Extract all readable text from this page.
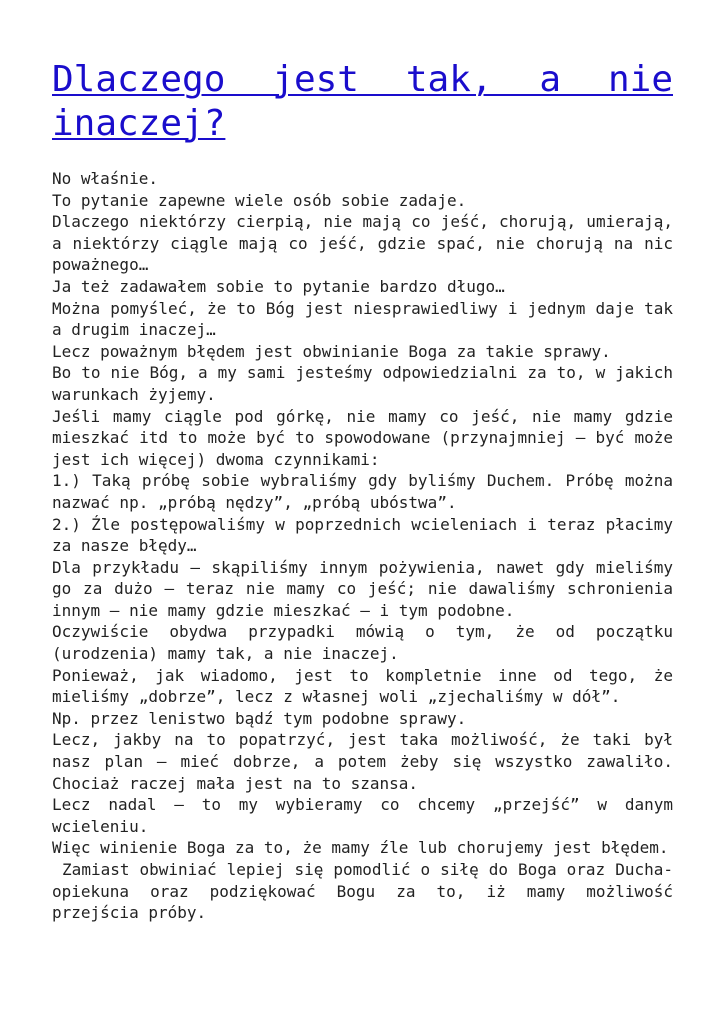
Dlaczego jest tak, a nie inaczej?

No właśnie.

To pytanie zapewne wiele osób sobie zadaje.

Dlaczego niektórzy cierpią, nie mają co jeść, chorują, umierają, a niektórzy ciągle mają co jeść, gdzie spać, nie chorują na nic poważnego…

Ja też zadawałem sobie to pytanie bardzo długo…

Można pomyśleć, że to Bóg jest niesprawiedliwy i jednym daje tak a drugim inaczej…

Lecz poważnym błędem jest obwinianie Boga za takie sprawy.

Bo to nie Bóg, a my sami jesteśmy odpowiedzialni za to, w jakich warunkach żyjemy.

Jeśli mamy ciągle pod górkę, nie mamy co jeść, nie mamy gdzie mieszkać itd to może być to spowodowane (przynajmniej – być może jest ich więcej) dwoma czynnikami:

1.) Taką próbę sobie wybraliśmy gdy byliśmy Duchem. Próbę można nazwać np. „próbą nędzy”, „próbą ubóstwa”.

2.) Źle postępowaliśmy w poprzednich wcieleniach i teraz płacimy za nasze błędy…

Dla przykładu – skąpiliśmy innym pożywienia, nawet gdy mieliśmy go za dużo – teraz nie mamy co jeść; nie dawaliśmy schronienia innym – nie mamy gdzie mieszkać – i tym podobne.

Oczywiście obydwa przypadki mówią o tym, że od początku (urodzenia) mamy tak, a nie inaczej.

Ponieważ, jak wiadomo, jest to kompletnie inne od tego, że mieliśmy „dobrze”, lecz z własnej woli „zjechaliśmy w dół”.

Np. przez lenistwo bądź tym podobne sprawy.

Lecz, jakby na to popatrzyć, jest taka możliwość, że taki był nasz plan – mieć dobrze, a potem żeby się wszystko zawaliło. Chociaż raczej mała jest na to szansa.

Lecz nadal – to my wybieramy co chcemy „przejść” w danym wcieleniu.

Więc winienie Boga za to, że mamy źle lub chorujemy jest błędem.

Zamiast obwiniać lepiej się pomodlić o siłę do Boga oraz Ducha-opiekuna oraz podziękować Bogu za to, iż mamy możliwość przejścia próby.
